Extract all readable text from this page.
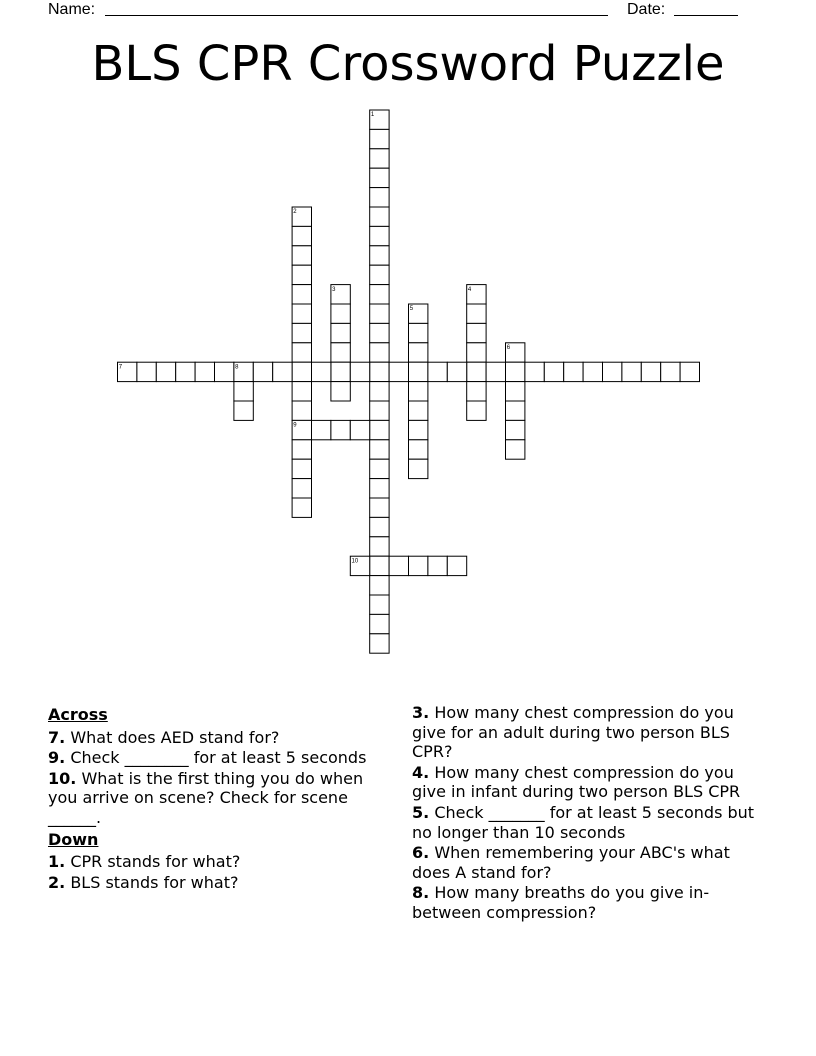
Name:	Date:
BLS CPR Crossword Puzzle
1
2
3	4
5
6
7	8
9
10
Across
7. What does AED stand for?
9. Check ________ for at least 5 seconds
10. What is the first thing you do when you arrive on scene? Check for scene ______.
Down
1. CPR stands for what?
2. BLS stands for what?
3. How many chest compression do you give for an adult during two person BLS CPR?
4. How many chest compression do you give in infant during two person BLS CPR
5. Check _______ for at least 5 seconds but no longer than 10 seconds
6. When remembering your ABC's what does A stand for?
8. How many breaths do you give in-between compression?
